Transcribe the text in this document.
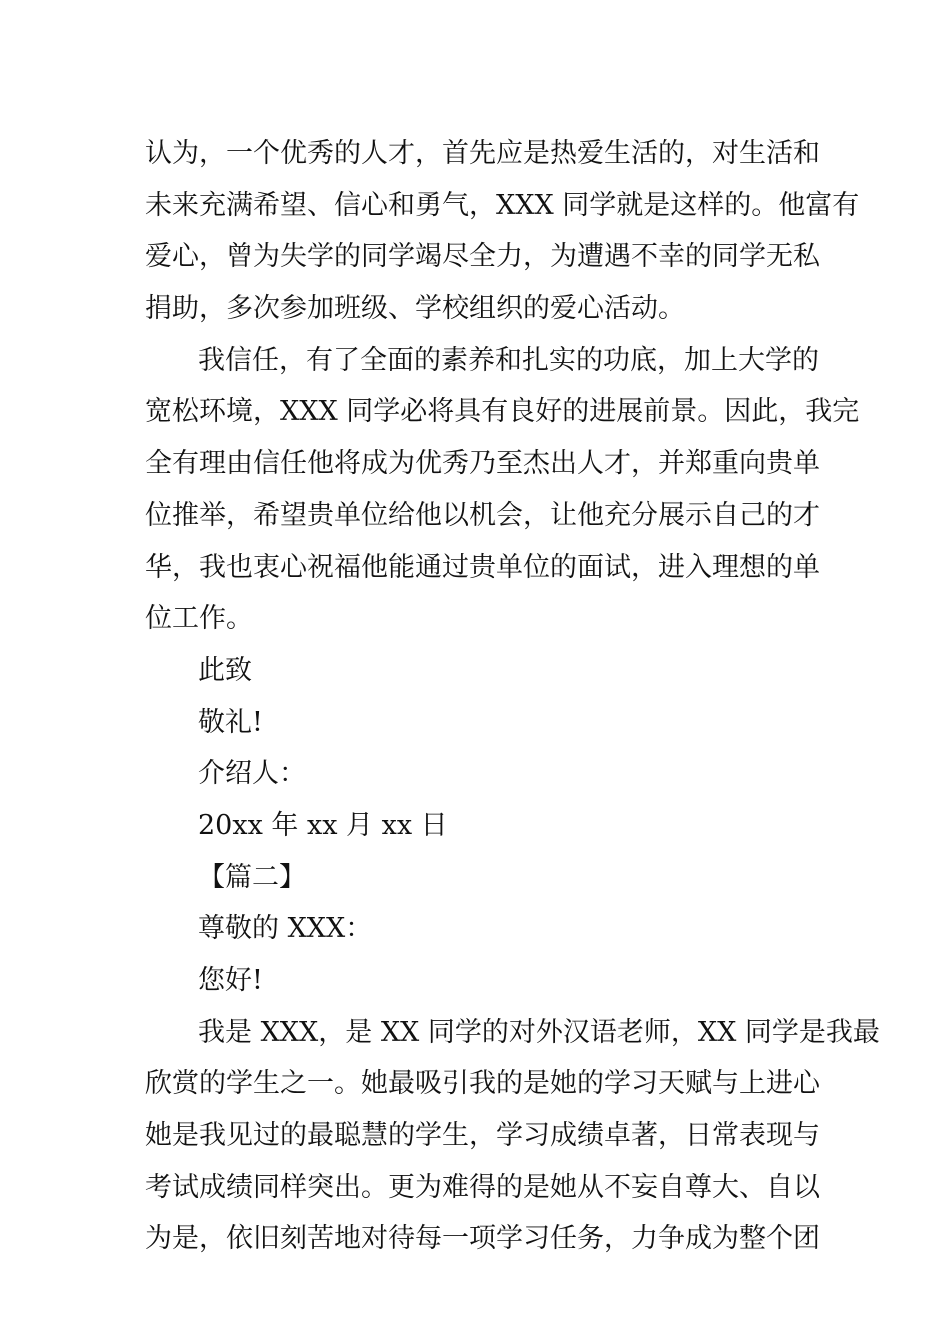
认为，一个优秀的人才，首先应是热爱生活的，对生活和
未来充满希望、信心和勇气，XXX 同学就是这样的。他富有
爱心，曾为失学的同学竭尽全力，为遭遇不幸的同学无私
捐助，多次参加班级、学校组织的爱心活动。
我信任，有了全面的素养和扎实的功底，加上大学的
宽松环境，XXX 同学必将具有良好的进展前景。因此，我完
全有理由信任他将成为优秀乃至杰出人才，并郑重向贵单
位推举，希望贵单位给他以机会，让他充分展示自己的才
华，我也衷心祝福他能通过贵单位的面试，进入理想的单
位工作。
此致
敬礼!
介绍人：
20xx 年 xx 月 xx 日
【篇二】
尊敬的 XXX：
您好!
我是 XXX，是 XX 同学的对外汉语老师，XX 同学是我最
欣赏的学生之一。她最吸引我的是她的学习天赋与上进心
她是我见过的最聪慧的学生，学习成绩卓著，日常表现与
考试成绩同样突出。更为难得的是她从不妄自尊大、自以
为是，依旧刻苦地对待每一项学习任务，力争成为整个团
